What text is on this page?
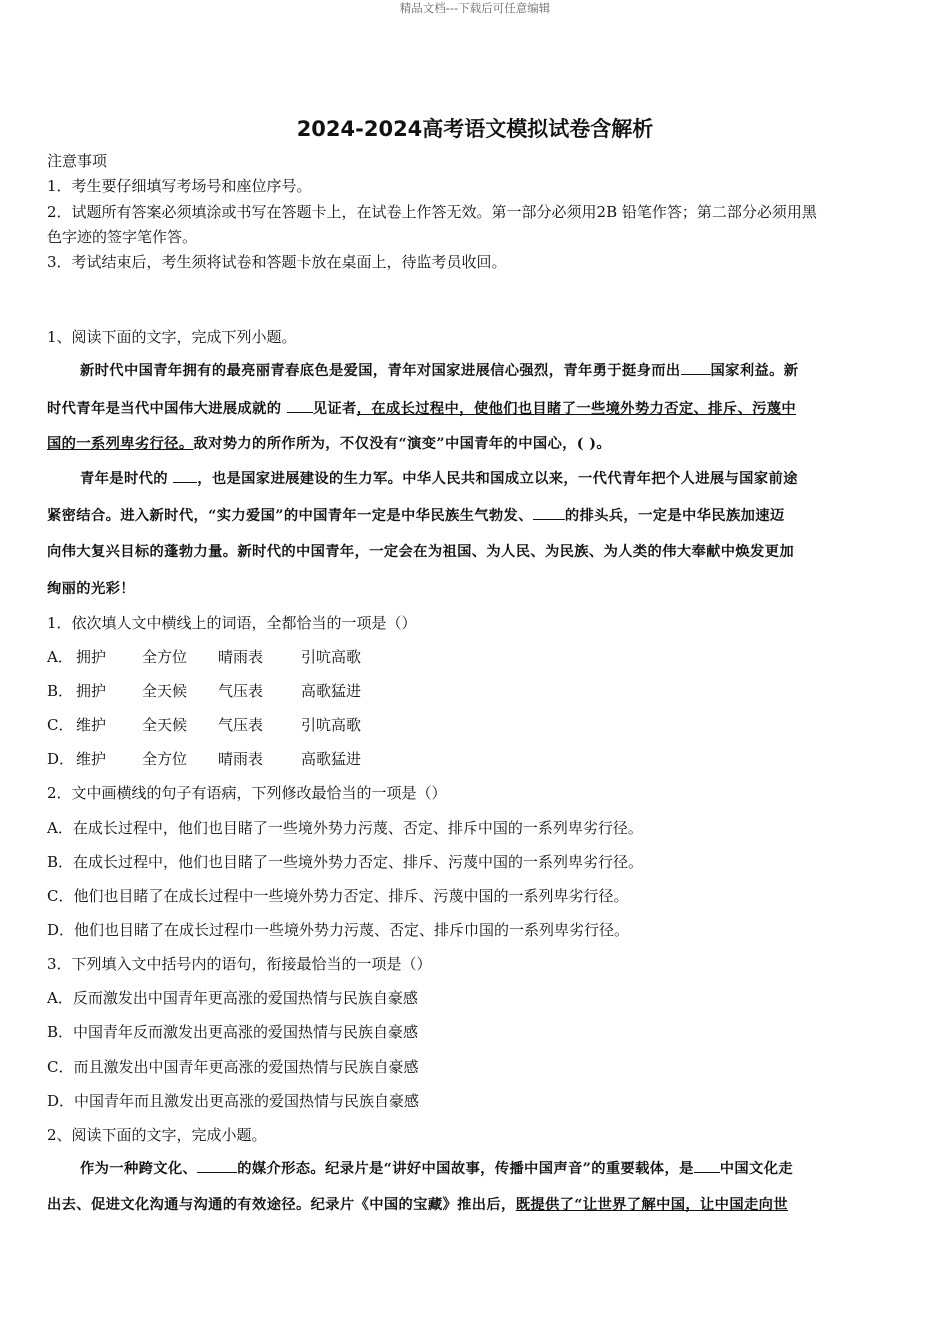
精品文档---下载后可任意编辑
2024-2024高考语文模拟试卷含解析
注意事项
1．考生要仔细填写考场号和座位序号。
2．试题所有答案必须填涂或书写在答题卡上，在试卷上作答无效。第一部分必须用2B 铅笔作答；第二部分必须用黑
色字迹的签字笔作答。
3．考试结束后，考生须将试卷和答题卡放在桌面上，待监考员收回。
1、阅读下面的文字，完成下列小题。
新时代中国青年拥有的最亮丽青春底色是爱国，青年对国家进展信心强烈，青年勇于挺身而出 国家利益。新
时代青年是当代中国伟大进展成就的 见证者，在成长过程中，使他们也目睹了一些境外势力否定、排斥、污蔑中
国的一系列卑劣行径。敌对势力的所作所为，不仅没有“演变”中国青年的中国心，( )。
青年是时代的 ，也是国家进展建设的生力军。中华人民共和国成立以来，一代代青年把个人进展与国家前途
紧密结合。进入新时代，“实力爱国”的中国青年一定是中华民族生气勃发、 的排头兵，一定是中华民族加速迈
向伟大复兴目标的蓬勃力量。新时代的中国青年，一定会在为祖国、为人民、为民族、为人类的伟大奉献中焕发更加
绚丽的光彩！
1．依次填人文中横线上的词语，全都恰当的一项是（）
A． 拥护 全方位 晴雨表	引吭高歌
B． 拥护 全天候 气压表	高歌猛进
C． 维护 全天候 气压表	引吭高歌
D． 维护 全方位 晴雨表	高歌猛进
2．文中画横线的句子有语病，下列修改最恰当的一项是（）
A．在成长过程中，他们也目睹了一些境外势力污蔑、否定、排斥中国的一系列卑劣行径。
B．在成长过程中，他们也目睹了一些境外势力否定、排斥、污蔑中国的一系列卑劣行径。
C．他们也目睹了在成长过程中一些境外势力否定、排斥、污蔑中国的一系列卑劣行径。
D．他们也目睹了在成长过程巾一些境外势力污蔑、否定、排斥巾国的一系列卑劣行径。
3．下列填入文中括号内的语句，衔接最恰当的一项是（）
A．反而激发出中国青年更高涨的爱国热情与民族自豪感
B．中国青年反而激发出更高涨的爱国热情与民族自豪感
C．而且激发出中国青年更高涨的爱国热情与民族自豪感
D．中国青年而且激发出更高涨的爱国热情与民族自豪感
2、阅读下面的文字，完成小题。
作为一种跨文化、	的媒介形态。纪录片是“讲好中国故事，传播中国声音”的重要载体，是 中国文化走
出去、促进文化沟通与沟通的有效途径。纪录片《中国的宝藏》推出后，既提供了“让世界了解中国，让中国走向世
